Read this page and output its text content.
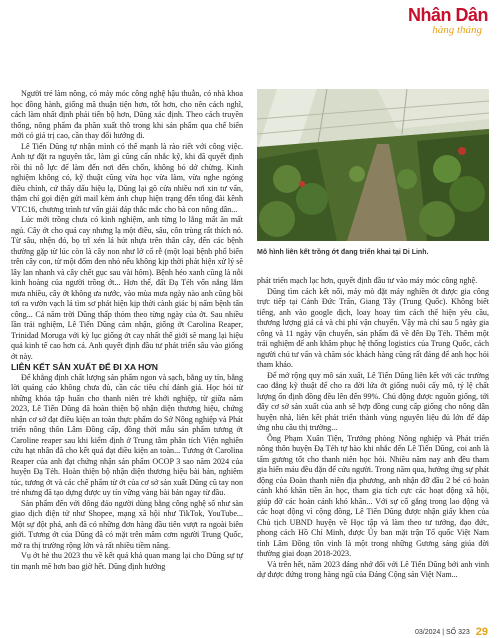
Nhân Dân
hàng tháng

Người trẻ làm nông, có máy móc công nghệ hậu thuẫn, có nhà khoa học đồng hành, giống mã thuận tiện hơn, tốt hơn, cho nên cách nghĩ, cách làm nhất định phải tiến bộ hơn, Dũng xác định. Theo cách truyền thống, nông phẩm đa phần xuất thô trong khi sản phẩm qua chế biến mới có giá trị cao, cần thay đổi hướng đi.

Lê Tiến Dũng tự nhận mình có thế mạnh là rào riết với công việc. Anh tự đặt ra nguyên tắc, làm gì cũng cẩn nhắc kỹ, khi đã quyết định rồi thì nỗ lực để làm đến nơi đến chốn, không bỏ dở chừng. Kinh nghiệm không có, kỹ thuật cũng vừa học vừa làm, vừa nghe ngóng điều chỉnh, cứ thấy dấu hiệu lạ, Dũng lại gõ cửa nhiều nơi xin tư vấn, thậm chí gọi điện gửi mail kèm ảnh chụp hiện trạng đến tổng đài kênh VTC16, chương trình tư vấn giải đáp thắc mắc cho bà con nông dân...

Lúc mới trồng chưa có kinh nghiệm, anh từng lo lắng mất ăn mất ngủ. Cây ớt cho quả cay nhưng lạ một điều, sâu, côn trùng rất thích nó. Từ sâu, nhện đỏ, bọ trĩ xén lá hút nhựa trên thân cây, đến các bệnh thường gặp từ lúc còn là cây non như lở cổ rễ (một loại bệnh phổ biến trên cây con, từ một đốm đen nhỏ nếu không kịp thời phát hiện xử lý sẽ lây lan nhanh và cây chết gục sau vài hôm). Bệnh héo xanh cũng là nỗi kinh hoàng của người trồng ớt... Hơn thế, đất Đạ Tẻh vốn nắng lắm mưa nhiều, cây ớt không ưa nước, vào mùa mưa ngày nào anh cũng bồi tơi ra vườn vạch lá tìm sơ phát hiện kịp thời cành giác bị nấm bệnh tấn công... Cả năm trời Dũng thấp thỏm theo từng ngày của ớt. Sau nhiều lần trải nghiệm, Lê Tiến Dũng cảm nhận, giống ớt Carolina Reaper, Trinidad Moruga với kỳ lục giống ớt cay nhất thế giới sẽ mang lại hiệu quả kinh tế cao hơn cả. Anh quyết định đầu tư phát triển sâu vào giống ớt này.

LIÊN KẾT SẢN XUẤT ĐỂ ĐI XA HƠN

Để khẳng định chất lượng sản phẩm ngon và sạch, bằng uy tín, bằng lời quảng cáo không chưa đủ, cần các tiêu chí đánh giá. Học hỏi từ những khóa tập huấn cho thanh niên trẻ khởi nghiệp, từ giữa năm 2023, Lê Tiến Dũng đã hoàn thiện bộ nhận diện thương hiệu, chứng nhận cơ sở đạt điều kiện an toàn thực phẩm do Sở Nông nghiệp và Phát triển nông thôn Lâm Đồng cấp, đồng thời mẫu sản phẩm tương ớt Caroline reaper sau khi kiểm định ở Trung tâm phân tích Viện nghiên cứu hạt nhân đã cho kết quả đạt điều kiện an toàn... Tương ớt Carolina Reaper của anh đạt chứng nhận sản phẩm OCOP 3 sao năm 2024 của huyện Đạ Tẻh. Hoàn thiện bộ nhận diện thương hiệu bài bản, nghiêm túc, tương ớt và các chế phẩm từ ớt của cơ sở sản xuất Dũng cũ tay non trẻ nhưng đã tạo dựng được uy tín vững vàng bài bản ngay từ đầu.

Sản phẩm đến với đông đảo người dùng bằng công nghệ số như sàn giao dịch điện tử như Shopee, mạng xã hội như TikTok, YouTube... Một sự đột phá, anh đã có những đơn hàng đầu tiên vượt ra ngoài biên giới. Tương ớt của Dũng đã có mặt trên mâm cơm người Trung Quốc, mở ra thị trường rộng lớn và rất nhiều tiềm năng.

Vụ ớt hè thu 2023 thu về kết quả khả quan mang lại cho Dũng sự tự tin mạnh mẽ hơn bao giờ hết. Dũng định hướng

Mô hình liên kết trồng ớt đang triển khai tại Di Linh.

phát triển mạch lạc hơn, quyết định đầu tư vào máy móc công nghệ.

Dũng tìm cách kết nối, máy mò đặt máy nghiền ớt được gia công trực tiếp tại Cảnh Đức Trấn, Giang Tây (Trung Quốc). Không biết tiếng, anh vào google dịch, loay hoay tìm cách thể hiện yêu cầu, thương lượng giá cả và chi phí vận chuyển. Vậy mà chỉ sau 5 ngày gia công và 11 ngày vận chuyển, sản phẩm đã về đến Đạ Tẻh. Thêm một trải nghiệm để anh khâm phục hệ thống logistics của Trung Quốc, cách người chủ tư vấn và chăm sóc khách hàng cũng rất đáng để anh học hỏi tham khảo.

Để mở rộng quy mô sản xuất, Lê Tiến Dũng liên kết với các trường cao đẳng kỹ thuật để cho ra đời lứa ớt giống nuôi cấy mô, tỷ lệ chất lượng ổn định đồng đều lên đến 99%. Chủ động được nguồn giống, tới đây cơ sở sản xuất của anh sẽ hợp đồng cung cấp giống cho nông dân huyện nhà, liên kết phát triển thành vùng nguyên liệu đủ lớn để đáp ứng nhu cầu thị trường...

Ông Phạm Xuân Tiện, Trưởng phòng Nông nghiệp và Phát triển nông thôn huyện Đạ Tẻh tự hào khi nhắc đến Lê Tiến Dũng, coi anh là tấm gương tốt cho thanh niên học hỏi. Nhiều năm nay anh đều tham gia hiến máu đều đặn để cứu người. Trong năm qua, hưởng ứng sự phát động của Đoàn thanh niên địa phương, anh nhận đỡ đầu 2 bé có hoàn cảnh khó khăn tiền ăn học, tham gia tích cực các hoạt động xã hội, giúp đỡ các hoàn cảnh khó khăn... Với sự cố gắng trong lao động và các hoạt động vì cộng đồng, Lê Tiến Dũng được nhận giấy khen của Chủ tịch UBND huyện về Học tập và làm theo tư tưởng, đạo đức, phong cách Hồ Chí Minh, được Ủy ban mặt trận Tổ quốc Việt Nam tỉnh Lâm Đồng tôn vinh là một trong những Gương sáng giúa đời thường giai đoạn 2018-2023.

Và trên hết, năm 2023 đáng nhớ đối với Lê Tiến Dũng bởi anh vinh dự được đứng trong hàng ngũ của Đảng Cộng sản Việt Nam...

03/2024 | SỐ 323 29
